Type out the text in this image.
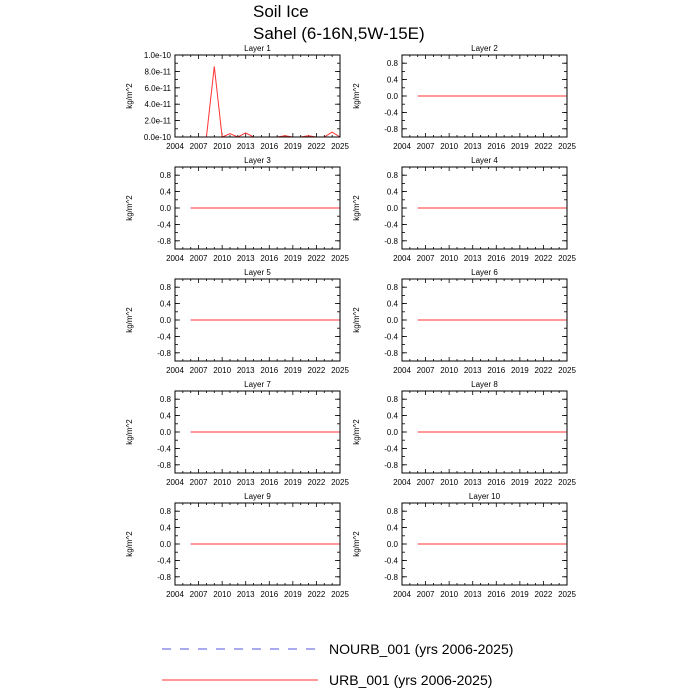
Soil Ice
Sahel (6-16N,5W-15E)
Layer 1
kg/m^2
2004 2007 2010 2013 2016 2019 2022 2025
1.0e-10
8.0e-11
6.0e-11
4.0e-11
2.0e-11
0.0e-10
Layer 2
kg/m^2
2004 2007 2010 2013 2016 2019 2022 2025
0.8
0.4
0.0
-0.4
-0.8
Layer 3
kg/m^2
2004 2007 2010 2013 2016 2019 2022 2025
0.8
0.4
0.0
-0.4
-0.8
Layer 4
kg/m^2
2004 2007 2010 2013 2016 2019 2022 2025
0.8
0.4
0.0
-0.4
-0.8
Layer 5
kg/m^2
2004 2007 2010 2013 2016 2019 2022 2025
0.8
0.4
0.0
-0.4
-0.8
Layer 6
kg/m^2
2004 2007 2010 2013 2016 2019 2022 2025
0.8
0.4
0.0
-0.4
-0.8
Layer 7
kg/m^2
2004 2007 2010 2013 2016 2019 2022 2025
0.8
0.4
0.0
-0.4
-0.8
Layer 8
kg/m^2
2004 2007 2010 2013 2016 2019 2022 2025
0.8
0.4
0.0
-0.4
-0.8
Layer 9
kg/m^2
2004 2007 2010 2013 2016 2019 2022 2025
0.8
0.4
0.0
-0.4
-0.8
Layer 10
kg/m^2
2004 2007 2010 2013 2016 2019 2022 2025
0.8
0.4
0.0
-0.4
-0.8
NOURB_001 (yrs 2006-2025)
URB_001 (yrs 2006-2025)
